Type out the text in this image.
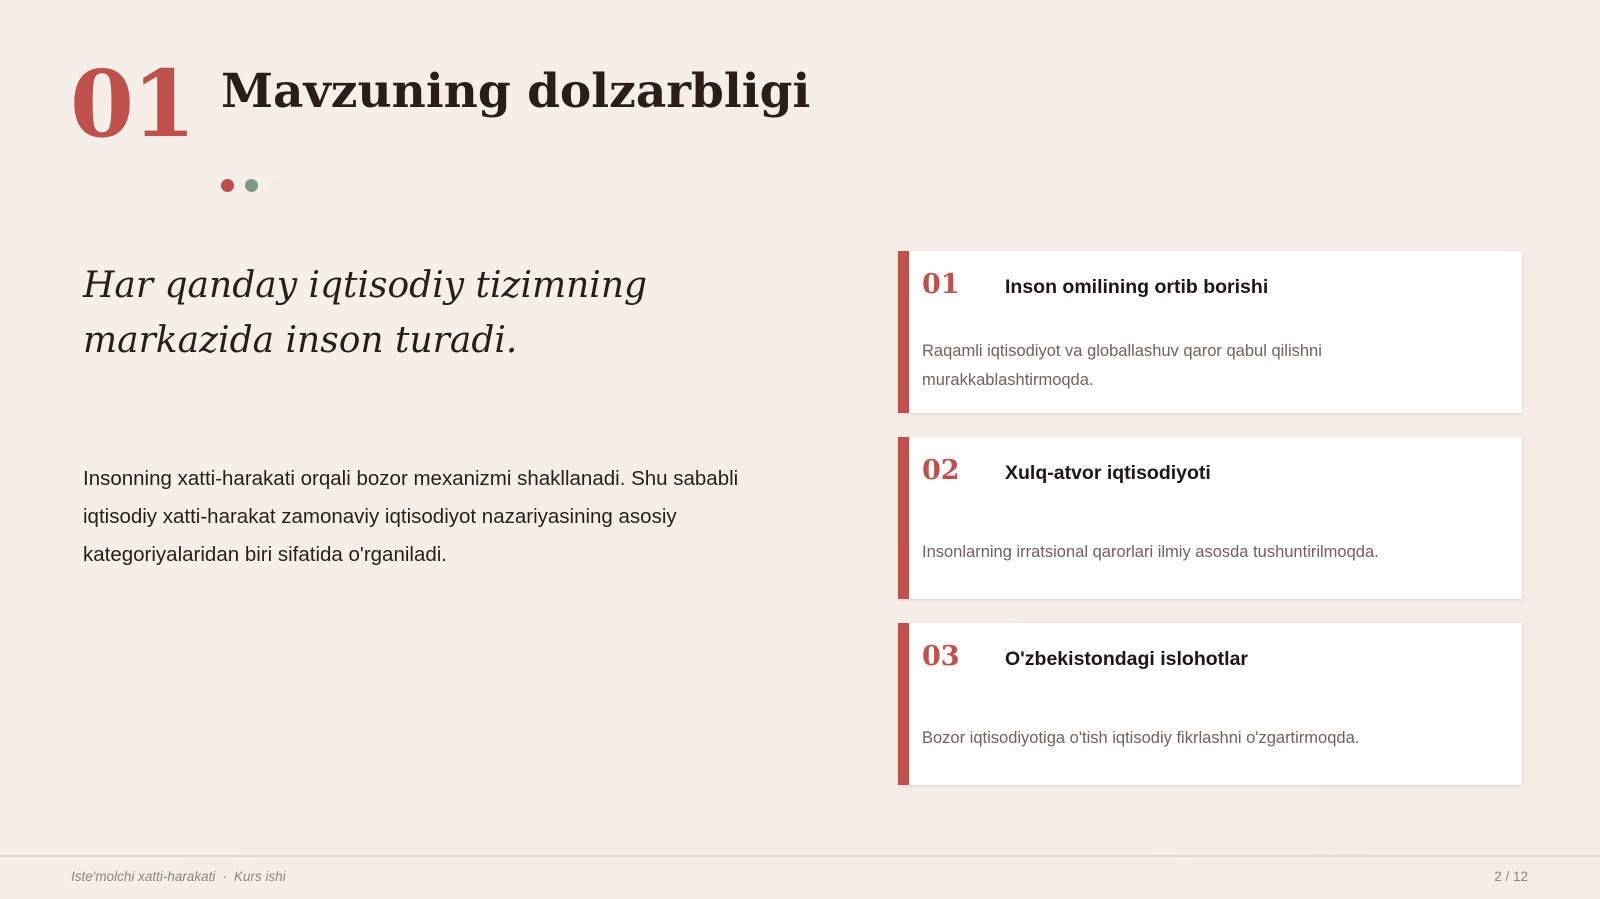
01 Mavzuning dolzarbligi
Har qanday iqtisodiy tizimning markazida inson turadi.
Insonning xatti-harakati orqali bozor mexanizmi shakllanadi. Shu sababli iqtisodiy xatti-harakat zamonaviy iqtisodiyot nazariyasining asosiy kategoriyalaridan biri sifatida o'rganiladi.
01 Inson omilining ortib borishi
Raqamli iqtisodiyot va globallashuv qaror qabul qilishni murakkablashtirmoqda.
02 Xulq-atvor iqtisodiyoti
Insonlarning irratsional qarorlari ilmiy asosda tushuntirilmoqda.
03 O'zbekistondagi islohotlar
Bozor iqtisodiyotiga o'tish iqtisodiy fikrlashni o'zgartirmoqda.
Iste'molchi xatti-harakati · Kurs ishi	2 / 12
